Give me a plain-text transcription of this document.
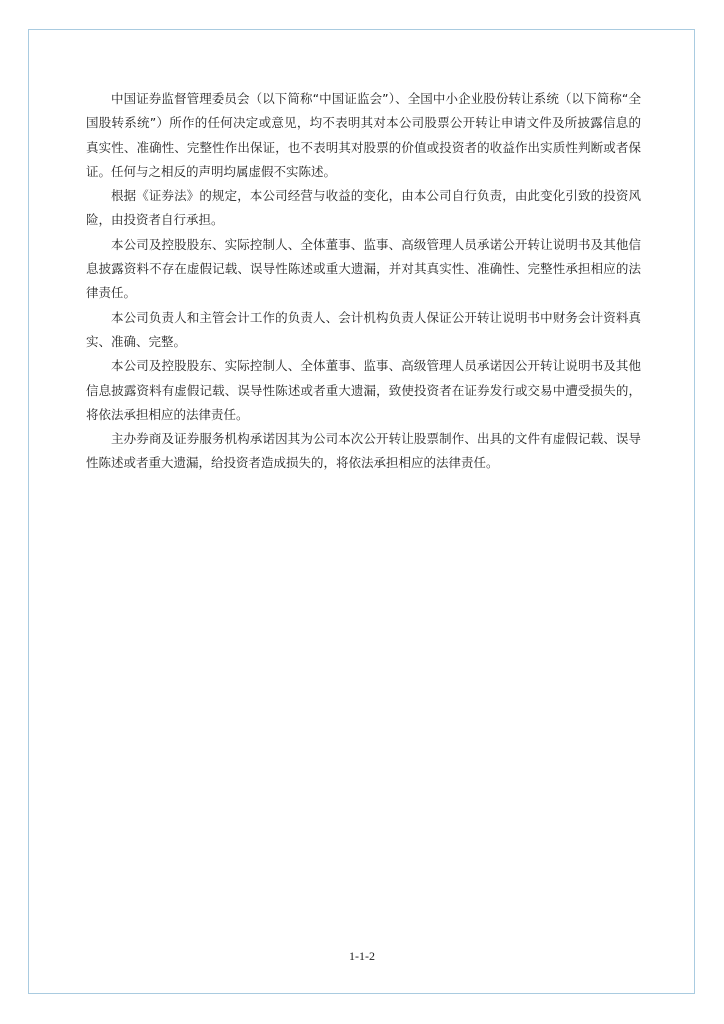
中国证券监督管理委员会（以下简称“中国证监会”）、全国中小企业股份转让系统（以下简称“全国股转系统”）所作的任何决定或意见，均不表明其对本公司股票公开转让申请文件及所披露信息的真实性、准确性、完整性作出保证，也不表明其对股票的价值或投资者的收益作出实质性判断或者保证。任何与之相反的声明均属虚假不实陈述。

根据《证券法》的规定，本公司经营与收益的变化，由本公司自行负责，由此变化引致的投资风险，由投资者自行承担。

本公司及控股股东、实际控制人、全体董事、监事、高级管理人员承诺公开转让说明书及其他信息披露资料不存在虚假记载、误导性陈述或重大遗漏，并对其真实性、准确性、完整性承担相应的法律责任。

本公司负责人和主管会计工作的负责人、会计机构负责人保证公开转让说明书中财务会计资料真实、准确、完整。

本公司及控股股东、实际控制人、全体董事、监事、高级管理人员承诺因公开转让说明书及其他信息披露资料有虚假记载、误导性陈述或者重大遗漏，致使投资者在证券发行或交易中遭受损失的，将依法承担相应的法律责任。

主办券商及证券服务机构承诺因其为公司本次公开转让股票制作、出具的文件有虚假记载、误导性陈述或者重大遗漏，给投资者造成损失的，将依法承担相应的法律责任。

1-1-2
